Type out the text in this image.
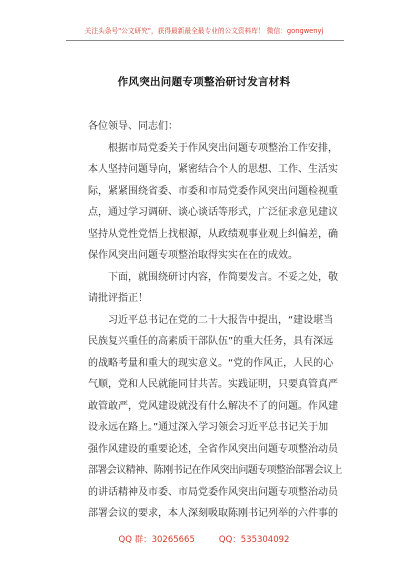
关注头条号"公文研究"，获得最新最全最专业的公文资料库！ 微信：gongwenyj
作风突出问题专项整治研讨发言材料
各位领导、同志们：
根据市局党委关于作风突出问题专项整治工作安排，
本人坚持问题导向，紧密结合个人的思想、工作、生活实
际，紧紧围绕省委、市委和市局党委作风突出问题检视重
点，通过学习调研、谈心谈话等形式，广泛征求意见建议
坚持从党性党悟上找根源，从政绩观事业观上纠偏差，确
保作风突出问题专项整治取得实实在在的成效。
下面，就围绕研讨内容，作简要发言。不妥之处，敬
请批评指正！
习近平总书记在党的二十大报告中提出，“建设堪当
民族复兴重任的高素质干部队伍”的重大任务，具有深远
的战略考量和重大的现实意义。“党的作风正，人民的心
气顺，党和人民就能同甘共苦。实践证明，只要真管真严
敢管敢严，党风建设就没有什么解决不了的问题。作风建
设永远在路上。”通过深入学习领会习近平总书记关于加
强作风建设的重要论述，全省作风突出问题专项整治动员
部署会议精神、陈刚书记在作风突出问题专项整治部署会议上
的讲话精神及市委、市局党委作风突出问题专项整治动员
部署会议的要求，本人深刻吸取陈刚书记列举的六件事的
QQ 群：30265665	QQ：535304092
